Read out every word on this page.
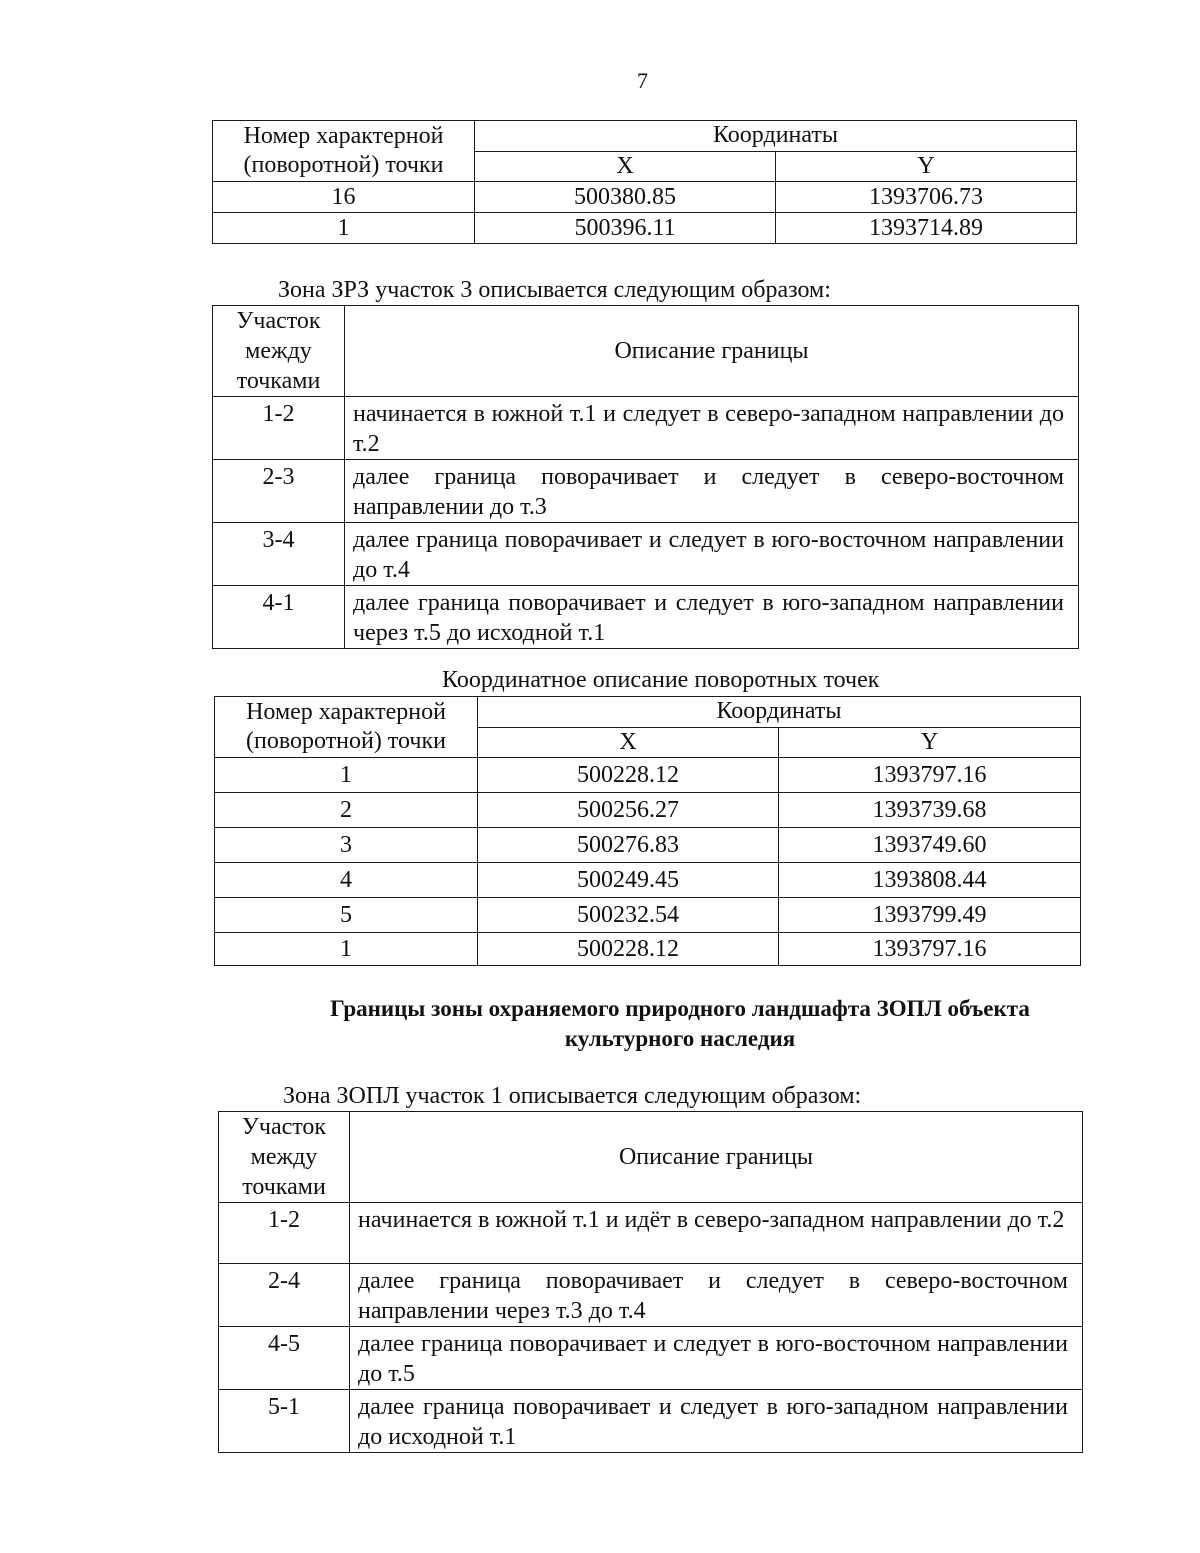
7
Номер характерной (поворотной) точки	Координаты	
	X	Y
16	500380.85	1393706.73
1	500396.11	1393714.89
Зона ЗРЗ участок 3 описывается следующим образом:
Участок между точками	Описание границы
1-2	начинается в южной т.1 и следует в северо-западном направлении до т.2
2-3	далее граница поворачивает и следует в северо-восточном направлении до т.3
3-4	далее граница поворачивает и следует в юго-восточном направлении до т.4
4-1	далее граница поворачивает и следует в юго-западном направлении через т.5 до исходной т.1
Координатное описание поворотных точек
Номер характерной (поворотной) точки	Координаты	
	X	Y
1	500228.12	1393797.16
2	500256.27	1393739.68
3	500276.83	1393749.60
4	500249.45	1393808.44
5	500232.54	1393799.49
1	500228.12	1393797.16
Границы зоны охраняемого природного ландшафта ЗОПЛ объекта
культурного наследия
Зона ЗОПЛ участок 1 описывается следующим образом:
Участок между точками	Описание границы
1-2	начинается в южной т.1 и идёт в северо-западном направлении до т.2
2-4	далее граница поворачивает и следует в северо-восточном направлении через т.3 до т.4
4-5	далее граница поворачивает и следует в юго-восточном направлении до т.5
5-1	далее граница поворачивает и следует в юго-западном направлении до исходной т.1
